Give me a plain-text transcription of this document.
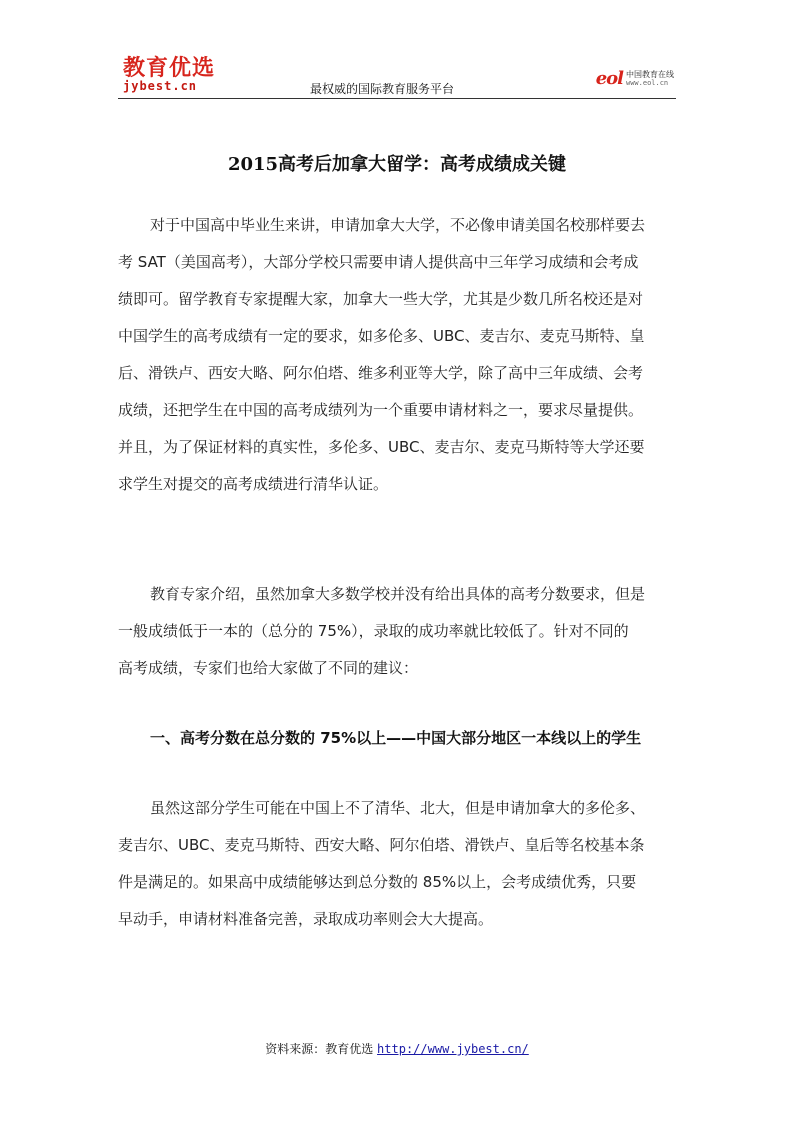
教育优选
jybest.cn	最权威的国际教育服务平台	eol 中国教育在线
www.eol.cn
2015高考后加拿大留学：高考成绩成关键
对于中国高中毕业生来讲，申请加拿大大学，不必像申请美国名校那样要去
考 SAT（美国高考），大部分学校只需要申请人提供高中三年学习成绩和会考成
绩即可。留学教育专家提醒大家，加拿大一些大学，尤其是少数几所名校还是对
中国学生的高考成绩有一定的要求，如多伦多、UBC、麦吉尔、麦克马斯特、皇
后、滑铁卢、西安大略、阿尔伯塔、维多利亚等大学，除了高中三年成绩、会考
成绩，还把学生在中国的高考成绩列为一个重要申请材料之一，要求尽量提供。
并且，为了保证材料的真实性，多伦多、UBC、麦吉尔、麦克马斯特等大学还要
求学生对提交的高考成绩进行清华认证。
教育专家介绍，虽然加拿大多数学校并没有给出具体的高考分数要求，但是
一般成绩低于一本的（总分的 75%），录取的成功率就比较低了。针对不同的
高考成绩，专家们也给大家做了不同的建议：
一、高考分数在总分数的 75%以上——中国大部分地区一本线以上的学生
虽然这部分学生可能在中国上不了清华、北大，但是申请加拿大的多伦多、
麦吉尔、UBC、麦克马斯特、西安大略、阿尔伯塔、滑铁卢、皇后等名校基本条
件是满足的。如果高中成绩能够达到总分数的 85%以上，会考成绩优秀，只要
早动手，申请材料准备完善，录取成功率则会大大提高。
资料来源：教育优选 http://www.jybest.cn/
